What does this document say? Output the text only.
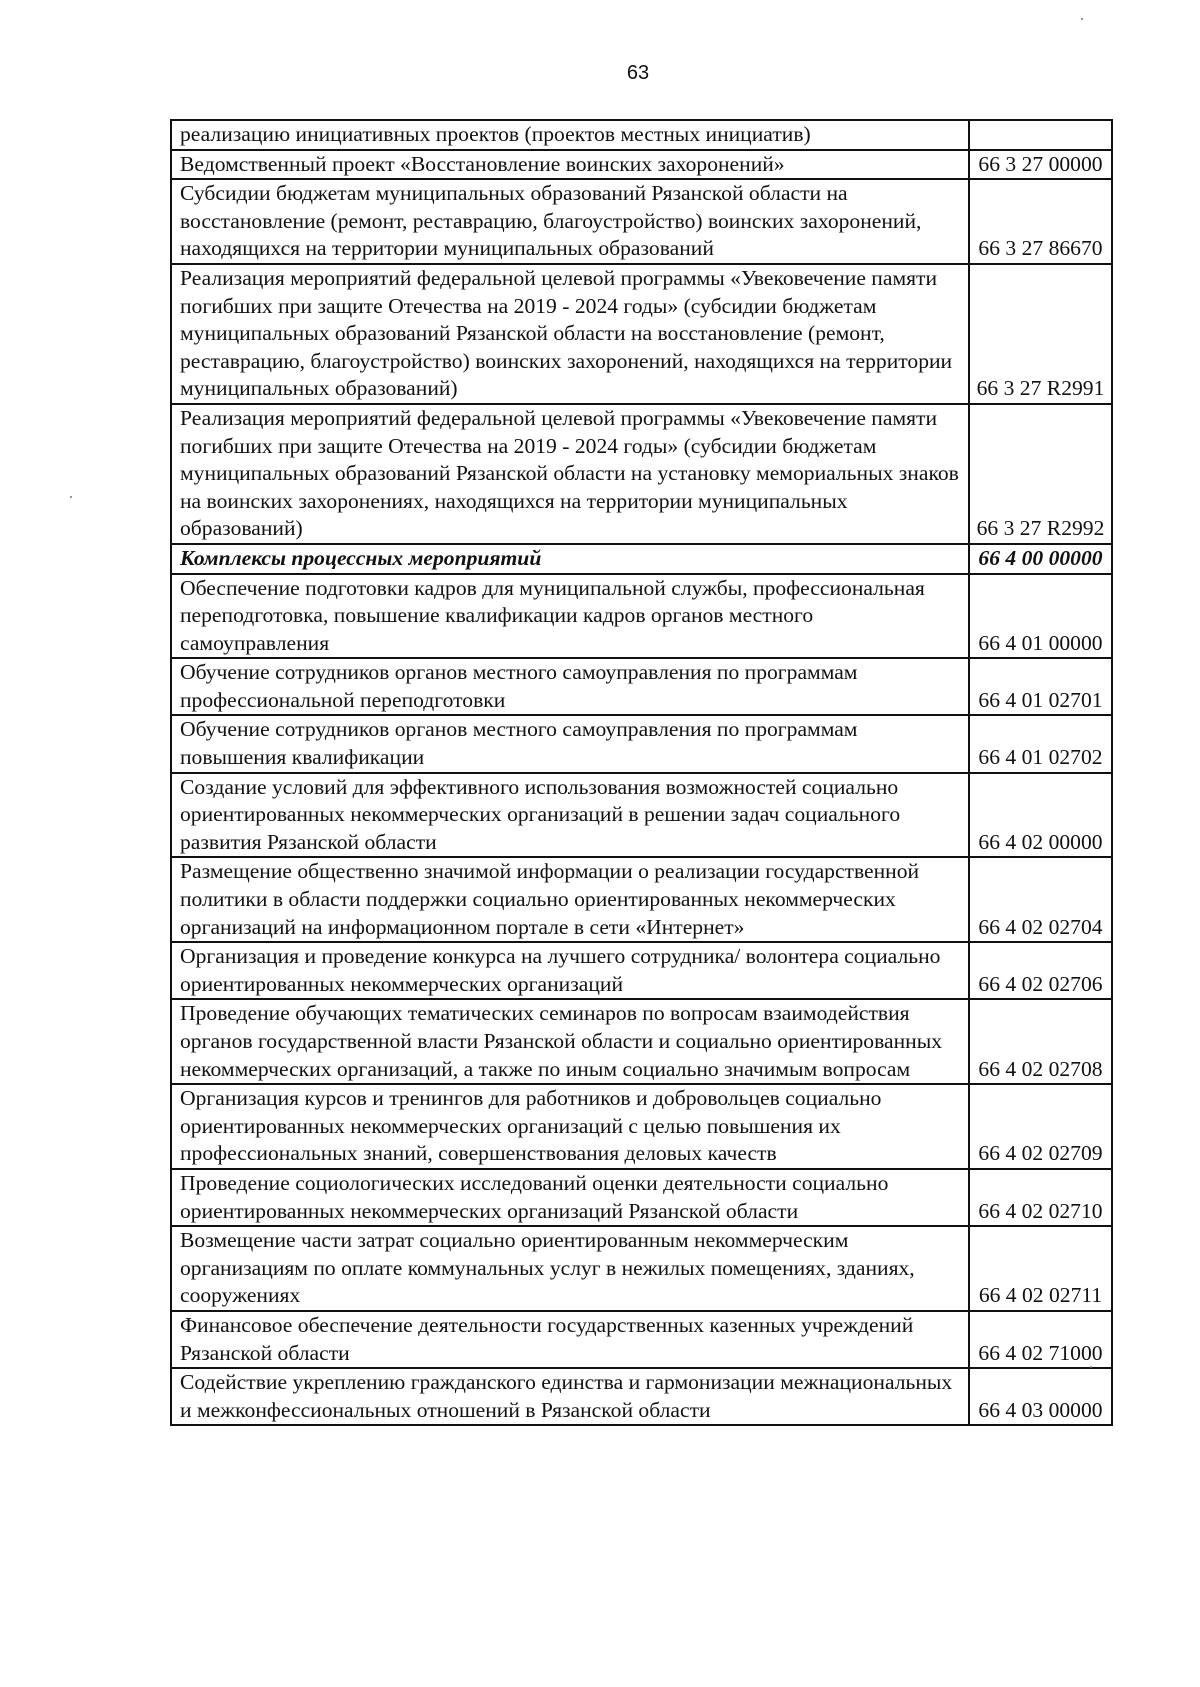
63
реализацию инициативных проектов (проектов местных инициатив)	
Ведомственный проект «Восстановление воинских захоронений»	66 3 27 00000
Субсидии бюджетам муниципальных образований Рязанской области на восстановление (ремонт, реставрацию, благоустройство) воинских захоронений, находящихся на территории муниципальных образований	66 3 27 86670
Реализация мероприятий федеральной целевой программы «Увековечение памяти погибших при защите Отечества на 2019 - 2024 годы» (субсидии бюджетам муниципальных образований Рязанской области на восстановление (ремонт, реставрацию, благоустройство) воинских захоронений, находящихся на территории муниципальных образований)	66 3 27 R2991
Реализация мероприятий федеральной целевой программы «Увековечение памяти погибших при защите Отечества на 2019 - 2024 годы» (субсидии бюджетам муниципальных образований Рязанской области на установку мемориальных знаков на воинских захоронениях, находящихся на территории муниципальных образований)	66 3 27 R2992
Комплексы процессных мероприятий	66 4 00 00000
Обеспечение подготовки кадров для муниципальной службы, профессиональная переподготовка, повышение квалификации кадров органов местного самоуправления	66 4 01 00000
Обучение сотрудников органов местного самоуправления по программам профессиональной переподготовки	66 4 01 02701
Обучение сотрудников органов местного самоуправления по программам повышения квалификации	66 4 01 02702
Создание условий для эффективного использования возможностей социально ориентированных некоммерческих организаций в решении задач социального развития Рязанской области	66 4 02 00000
Размещение общественно значимой информации о реализации государственной политики в области поддержки социально ориентированных некоммерческих организаций на информационном портале в сети «Интернет»	66 4 02 02704
Организация и проведение конкурса на лучшего сотрудника/ волонтера социально ориентированных некоммерческих организаций	66 4 02 02706
Проведение обучающих тематических семинаров по вопросам взаимодействия органов государственной власти Рязанской области и социально ориентированных некоммерческих организаций, а также по иным социально значимым вопросам	66 4 02 02708
Организация курсов и тренингов для работников и добровольцев социально ориентированных некоммерческих организаций с целью повышения их профессиональных знаний, совершенствования деловых качеств	66 4 02 02709
Проведение социологических исследований оценки деятельности социально ориентированных некоммерческих организаций Рязанской области	66 4 02 02710
Возмещение части затрат социально ориентированным некоммерческим организациям по оплате коммунальных услуг в нежилых помещениях, зданиях, сооружениях	66 4 02 02711
Финансовое обеспечение деятельности государственных казенных учреждений Рязанской области	66 4 02 71000
Содействие укреплению гражданского единства и гармонизации межнациональных и межконфессиональных отношений в Рязанской области	66 4 03 00000
